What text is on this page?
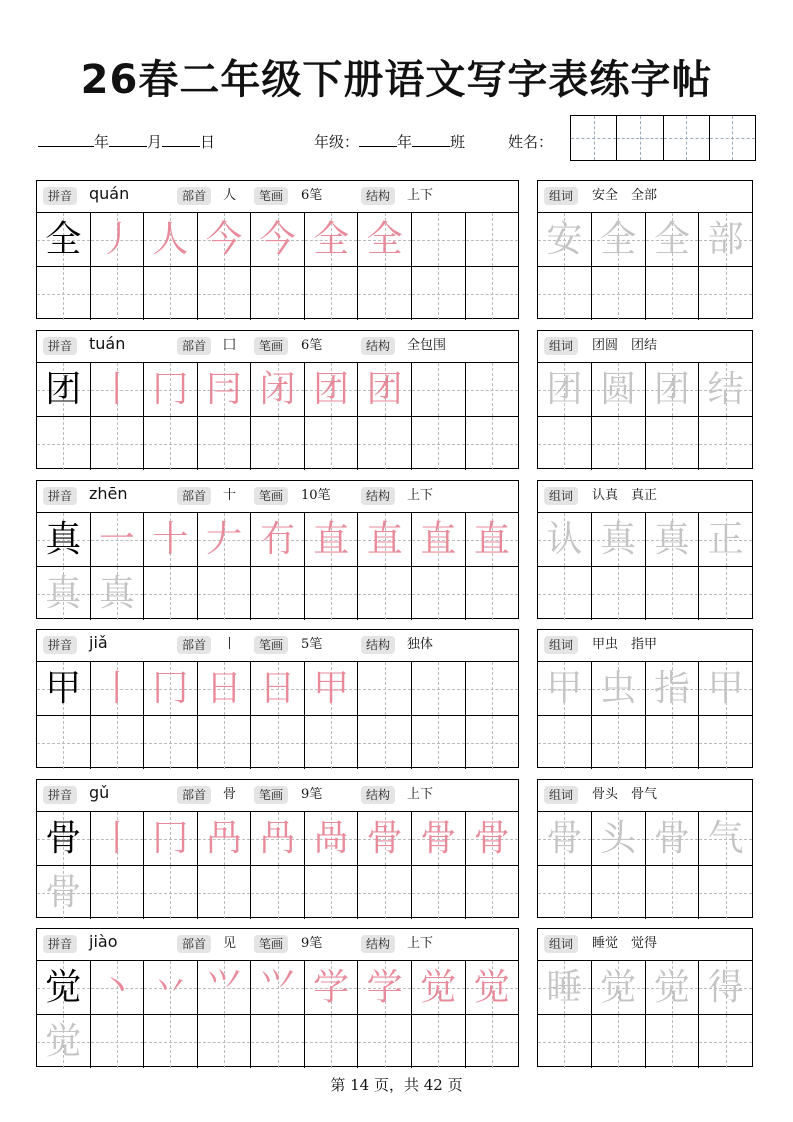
26春二年级下册语文写字表练字帖
年	月	日	年级：	年	班	姓名：
拼音	quán	部首	人	笔画	6笔	结构	上下
全 丿 人 今 今 全 全
组词	安全　全部
安 全 全 部
拼音	tuán	部首	囗	笔画	6笔	结构	全包围
团 丨 冂 冃 闭 团 团
组词	团圆　团结
团 圆 团 结
拼音	zhēn	部首	十	笔画	10笔	结构	上下
真 一 十 𠂇 冇 直 直 直 直
真 真
组词	认真　真正
认 真 真 正
拼音	jiǎ	部首	丨	笔画	5笔	结构	独体
甲 丨 冂 日 日 甲
组词	甲虫　指甲
甲 虫 指 甲
拼音	gǔ	部首	骨	笔画	9笔	结构	上下
骨 丨 冂 冎 冎 咼 骨 骨 骨
骨
组词	骨头　骨气
骨 头 骨 气
拼音	jiào	部首	见	笔画	9笔	结构	上下
觉 丶 丷 ⺍ ⺍ 学 学 觉 觉
觉
组词	睡觉　觉得
睡 觉 觉 得
第 14 页，共 42 页
